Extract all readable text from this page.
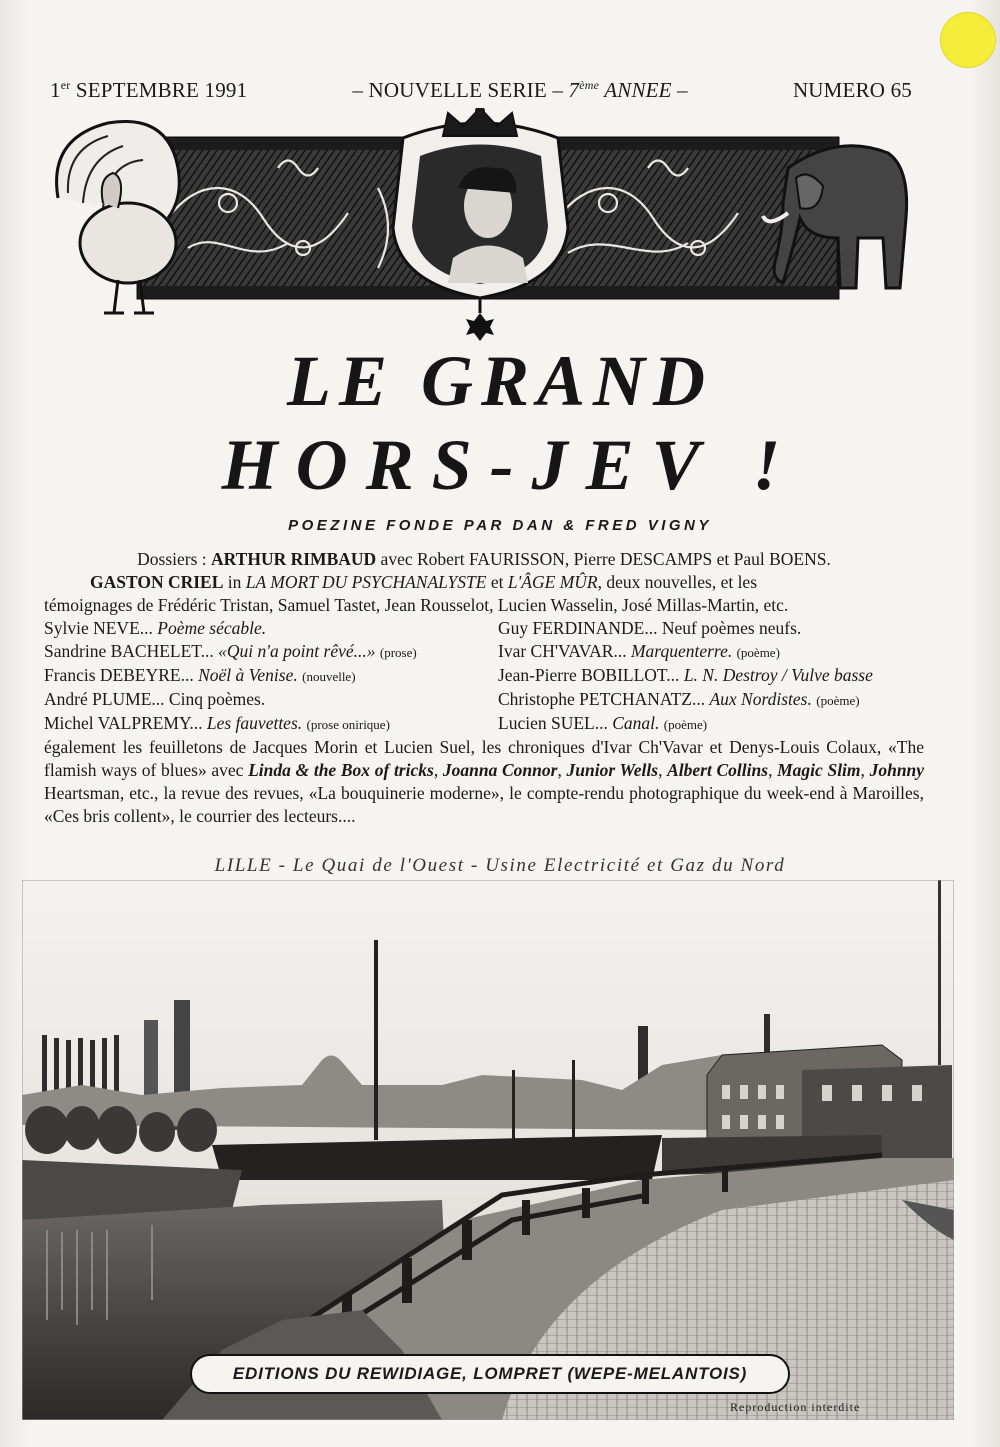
1er SEPTEMBRE 1991	– NOUVELLE SERIE – 7ème ANNEE –	NUMERO 65
LE GRAND
HORS-JEV !
POEZINE FONDE PAR DAN & FRED VIGNY

Dossiers : ARTHUR RIMBAUD avec Robert FAURISSON, Pierre DESCAMPS et Paul BOENS.

GASTON CRIEL in LA MORT DU PSYCHANALYSTE et L'ÂGE MÛR, deux nouvelles, et les

témoignages de Frédéric Tristan, Samuel Tastet, Jean Rousselot, Lucien Wasselin, José Millas-Martin, etc.

Sylvie NEVE... Poème sécable.	Guy FERDINANDE... Neuf poèmes neufs.
Sandrine BACHELET... «Qui n'a point rêvé...» (prose)	Ivar CH'VAVAR... Marquenterre. (poème)
Francis DEBEYRE... Noël à Venise. (nouvelle)	Jean-Pierre BOBILLOT... L. N. Destroy / Vulve basse
André PLUME... Cinq poèmes.	Christophe PETCHANATZ... Aux Nordistes. (poème)
Michel VALPREMY... Les fauvettes. (prose onirique)	Lucien SUEL... Canal. (poème)

également les feuilletons de Jacques Morin et Lucien Suel, les chroniques d'Ivar Ch'Vavar et Denys-Louis Colaux, «The flamish ways of blues» avec Linda & the Box of tricks, Joanna Connor, Junior Wells, Albert Collins, Magic Slim, Johnny Heartsman, etc., la revue des revues, «La bouquinerie moderne», le compte-rendu photographique du week-end à Maroilles, «Ces bris collent», le courrier des lecteurs....

LILLE - Le Quai de l'Ouest - Usine Electricité et Gaz du Nord
EDITIONS DU REWIDIAGE, LOMPRET (WEPE-MELANTOIS)
Reproduction interdite
